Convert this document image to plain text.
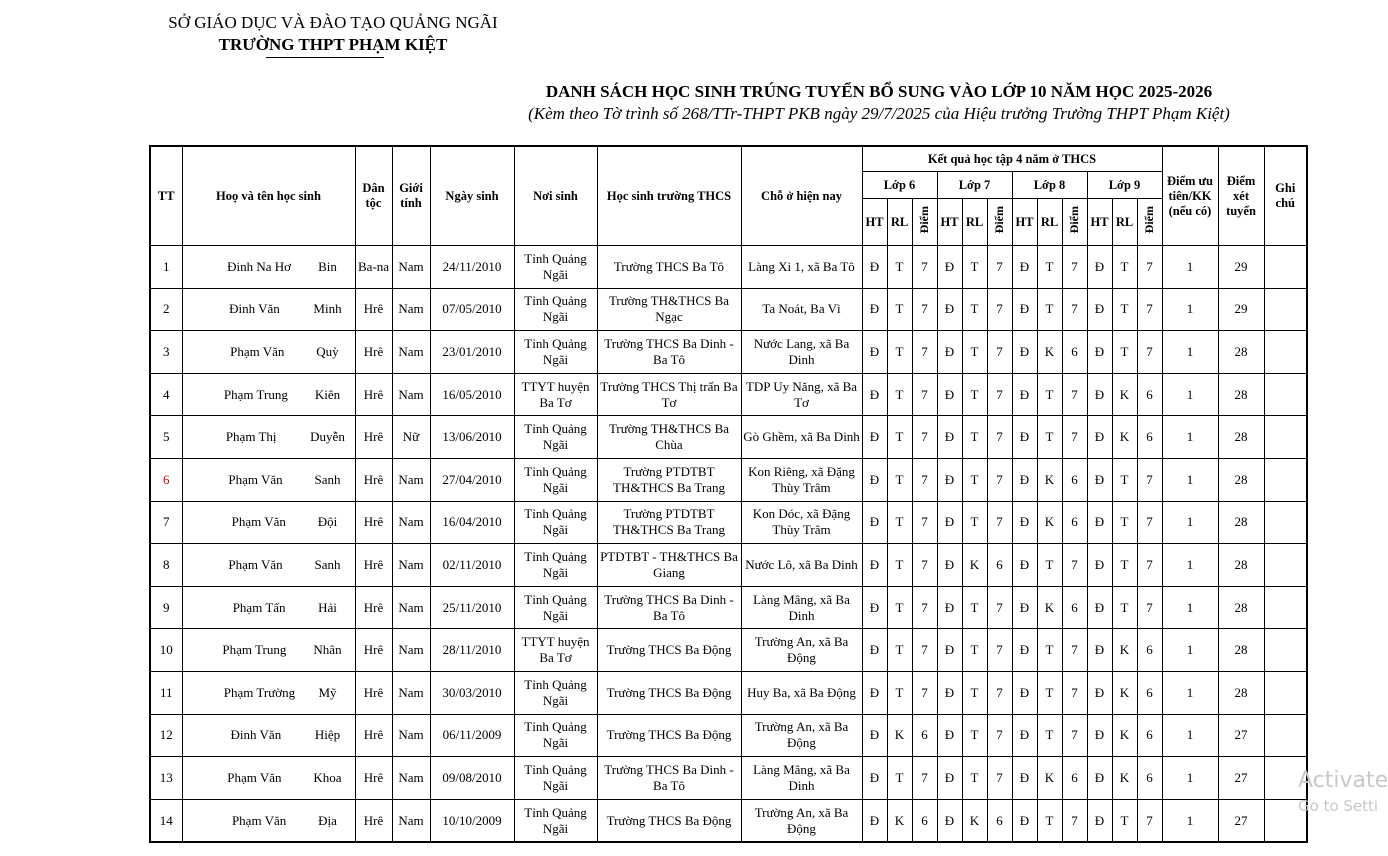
SỞ GIÁO DỤC VÀ ĐÀO TẠO QUẢNG NGÃI
TRƯỜNG THPT PHẠM KIỆT
DANH SÁCH HỌC SINH TRÚNG TUYỂN BỔ SUNG VÀO LỚP 10 NĂM HỌC 2025-2026
(Kèm theo Tờ trình số 268/TTr-THPT PKB ngày 29/7/2025 của Hiệu trưởng Trường THPT Phạm Kiệt)
TT	Hoọ và tên học sinh	Dân tộc	Giới tính	Ngày sinh	Nơi sinh	Học sinh trường THCS	Chỗ ở hiện nay	Kết quả học tập 4 năm ở THCS												Điểm ưu tiên/KK (nếu có)	Điểm xét tuyển	Ghi chú
								Lớp 6			Lớp 7			Lớp 8			Lớp 9					
								HT	RL	Điểm	HT	RL	Điểm	HT	RL	Điểm	HT	RL	Điểm			
1	Đinh Na Hơ Bin	Ba-na	Nam	24/11/2010	Tỉnh Quảng Ngãi	Trường THCS Ba Tô	Làng Xi 1, xã Ba Tô	Đ	T	7	Đ	T	7	Đ	T	7	Đ	T	7	1	29	
2	Đinh Văn Minh	Hrê	Nam	07/05/2010	Tỉnh Quảng Ngãi	Trường TH&THCS Ba Ngạc	Ta Noát, Ba Vì	Đ	T	7	Đ	T	7	Đ	T	7	Đ	T	7	1	29	
3	Phạm Văn Quỳ	Hrê	Nam	23/01/2010	Tỉnh Quảng Ngãi	Trường THCS Ba Dinh - Ba Tô	Nước Lang, xã Ba Dinh	Đ	T	7	Đ	T	7	Đ	K	6	Đ	T	7	1	28	
4	Phạm Trung Kiên	Hrê	Nam	16/05/2010	TTYT huyện Ba Tơ	Trường THCS Thị trấn Ba Tơ	TDP Uy Năng, xã Ba Tơ	Đ	T	7	Đ	T	7	Đ	T	7	Đ	K	6	1	28	
5	Phạm Thị Duyễn	Hrê	Nữ	13/06/2010	Tỉnh Quảng Ngãi	Trường TH&THCS Ba Chùa	Gò Ghềm, xã Ba Dinh	Đ	T	7	Đ	T	7	Đ	T	7	Đ	K	6	1	28	
6	Phạm Văn Sanh	Hrê	Nam	27/04/2010	Tỉnh Quảng Ngãi	Trường PTDTBT TH&THCS Ba Trang	Kon Riêng, xã Đặng Thùy Trâm	Đ	T	7	Đ	T	7	Đ	K	6	Đ	T	7	1	28	
7	Phạm Văn Đội	Hrê	Nam	16/04/2010	Tỉnh Quảng Ngãi	Trường PTDTBT TH&THCS Ba Trang	Kon Dóc, xã Đặng Thùy Trâm	Đ	T	7	Đ	T	7	Đ	K	6	Đ	T	7	1	28	
8	Phạm Văn Sanh	Hrê	Nam	02/11/2010	Tỉnh Quảng Ngãi	PTDTBT - TH&THCS Ba Giang	Nước Lô, xã Ba Dinh	Đ	T	7	Đ	K	6	Đ	T	7	Đ	T	7	1	28	
9	Phạm Tấn Hải	Hrê	Nam	25/11/2010	Tỉnh Quảng Ngãi	Trường THCS Ba Dinh - Ba Tô	Làng Mâng, xã Ba Dinh	Đ	T	7	Đ	T	7	Đ	K	6	Đ	T	7	1	28	
10	Phạm Trung Nhân	Hrê	Nam	28/11/2010	TTYT huyện Ba Tơ	Trường THCS Ba Động	Trường An, xã Ba Động	Đ	T	7	Đ	T	7	Đ	T	7	Đ	K	6	1	28	
11	Phạm Trường Mỹ	Hrê	Nam	30/03/2010	Tỉnh Quảng Ngãi	Trường THCS Ba Động	Huy Ba, xã Ba Động	Đ	T	7	Đ	T	7	Đ	T	7	Đ	K	6	1	28	
12	Đinh Văn Hiệp	Hrê	Nam	06/11/2009	Tỉnh Quảng Ngãi	Trường THCS Ba Động	Trường An, xã Ba Động	Đ	K	6	Đ	T	7	Đ	T	7	Đ	K	6	1	27	
13	Phạm Văn Khoa	Hrê	Nam	09/08/2010	Tỉnh Quảng Ngãi	Trường THCS Ba Dinh - Ba Tô	Làng Mâng, xã Ba Dinh	Đ	T	7	Đ	T	7	Đ	K	6	Đ	K	6	1	27	
14	Phạm Văn Địa	Hrê	Nam	10/10/2009	Tỉnh Quảng Ngãi	Trường THCS Ba Động	Trường An, xã Ba Động	Đ	K	6	Đ	K	6	Đ	T	7	Đ	T	7	1	27	
Activate
Go to Setti
